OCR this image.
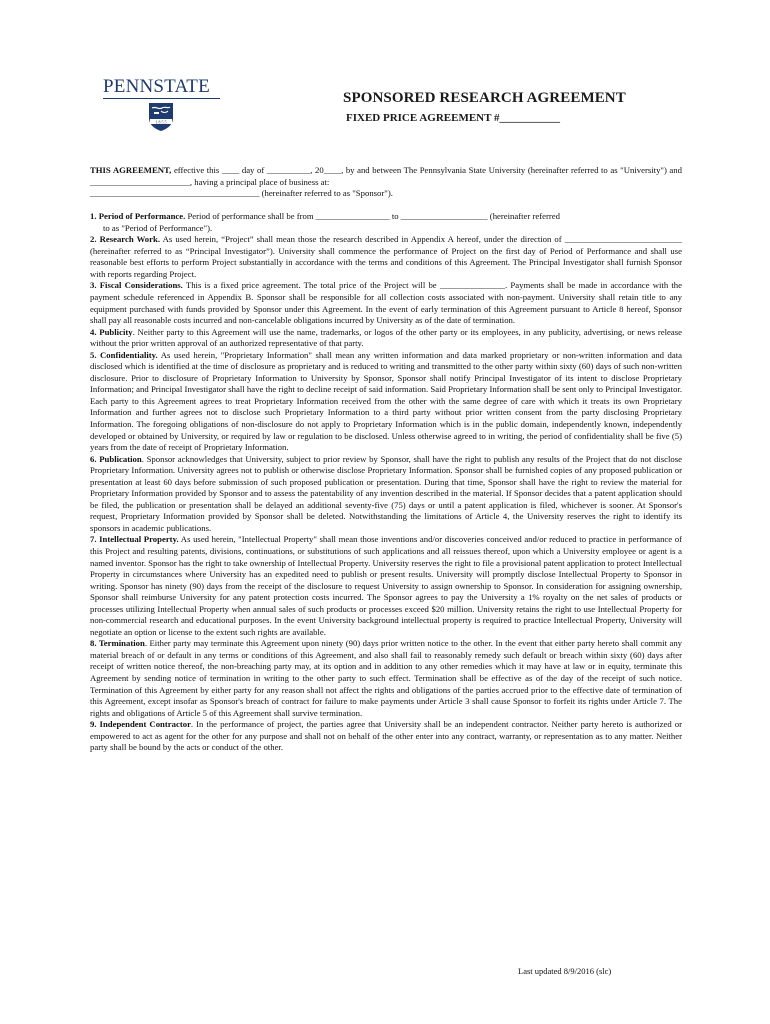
PENNSTATE
1 8 5 5
SPONSORED RESEARCH AGREEMENT
FIXED PRICE AGREEMENT #___________

THIS AGREEMENT, effective this ____ day of __________, 20____, by and between The Pennsylvania State University (hereinafter referred to as "University") and _______________________, having a principal place of business at:
_______________________________________ (hereinafter referred to as "Sponsor").

1. Period of Performance. Period of performance shall be from _________________ to ____________________ (hereinafter referred

to as "Period of Performance").

2. Research Work. As used herein, “Project” shall mean those the research described in Appendix A hereof, under the direction of ___________________________ (hereinafter referred to as “Principal Investigator”). University shall commence the performance of Project on the first day of Period of Performance and shall use reasonable best efforts to perform Project substantially in accordance with the terms and conditions of this Agreement. The Principal Investigator shall furnish Sponsor with reports regarding Project.

3. Fiscal Considerations. This is a fixed price agreement. The total price of the Project will be _______________. Payments shall be made in accordance with the payment schedule referenced in Appendix B. Sponsor shall be responsible for all collection costs associated with non-payment. University shall retain title to any equipment purchased with funds provided by Sponsor under this Agreement. In the event of early termination of this Agreement pursuant to Article 8 hereof, Sponsor shall pay all reasonable costs incurred and non-cancelable obligations incurred by University as of the date of termination.

4. Publicity. Neither party to this Agreement will use the name, trademarks, or logos of the other party or its employees, in any publicity, advertising, or news release without the prior written approval of an authorized representative of that party.

5. Confidentiality. As used herein, "Proprietary Information" shall mean any written information and data marked proprietary or non-written information and data disclosed which is identified at the time of disclosure as proprietary and is reduced to writing and transmitted to the other party within sixty (60) days of such non-written disclosure. Prior to disclosure of Proprietary Information to University by Sponsor, Sponsor shall notify Principal Investigator of its intent to disclose Proprietary Information; and Principal Investigator shall have the right to decline receipt of said information. Said Proprietary Information shall be sent only to Principal Investigator. Each party to this Agreement agrees to treat Proprietary Information received from the other with the same degree of care with which it treats its own Proprietary Information and further agrees not to disclose such Proprietary Information to a third party without prior written consent from the party disclosing Proprietary Information. The foregoing obligations of non-disclosure do not apply to Proprietary Information which is in the public domain, independently known, independently developed or obtained by University, or required by law or regulation to be disclosed. Unless otherwise agreed to in writing, the period of confidentiality shall be five (5) years from the date of receipt of Proprietary Information.

6. Publication. Sponsor acknowledges that University, subject to prior review by Sponsor, shall have the right to publish any results of the Project that do not disclose Proprietary Information. University agrees not to publish or otherwise disclose Proprietary Information. Sponsor shall be furnished copies of any proposed publication or presentation at least 60 days before submission of such proposed publication or presentation. During that time, Sponsor shall have the right to review the material for Proprietary Information provided by Sponsor and to assess the patentability of any invention described in the material. If Sponsor decides that a patent application should be filed, the publication or presentation shall be delayed an additional seventy-five (75) days or until a patent application is filed, whichever is sooner. At Sponsor's request, Proprietary Information provided by Sponsor shall be deleted. Notwithstanding the limitations of Article 4, the University reserves the right to identify its sponsors in academic publications.

7. Intellectual Property. As used herein, "Intellectual Property" shall mean those inventions and/or discoveries conceived and/or reduced to practice in performance of this Project and resulting patents, divisions, continuations, or substitutions of such applications and all reissues thereof, upon which a University employee or agent is a named inventor. Sponsor has the right to take ownership of Intellectual Property. University reserves the right to file a provisional patent application to protect Intellectual Property in circumstances where University has an expedited need to publish or present results. University will promptly disclose Intellectual Property to Sponsor in writing. Sponsor has ninety (90) days from the receipt of the disclosure to request University to assign ownership to Sponsor. In consideration for assigning ownership, Sponsor shall reimburse University for any patent protection costs incurred. The Sponsor agrees to pay the University a 1% royalty on the net sales of products or processes utilizing Intellectual Property when annual sales of such products or processes exceed $20 million. University retains the right to use Intellectual Property for non-commercial research and educational purposes. In the event University background intellectual property is required to practice Intellectual Property, University will negotiate an option or license to the extent such rights are available.

8. Termination. Either party may terminate this Agreement upon ninety (90) days prior written notice to the other. In the event that either party hereto shall commit any material breach of or default in any terms or conditions of this Agreement, and also shall fail to reasonably remedy such default or breach within sixty (60) days after receipt of written notice thereof, the non-breaching party may, at its option and in addition to any other remedies which it may have at law or in equity, terminate this Agreement by sending notice of termination in writing to the other party to such effect. Termination shall be effective as of the day of the receipt of such notice. Termination of this Agreement by either party for any reason shall not affect the rights and obligations of the parties accrued prior to the effective date of termination of this Agreement, except insofar as Sponsor's breach of contract for failure to make payments under Article 3 shall cause Sponsor to forfeit its rights under Article 7. The rights and obligations of Article 5 of this Agreement shall survive termination.

9. Independent Contractor. In the performance of project, the parties agree that University shall be an independent contractor. Neither party hereto is authorized or empowered to act as agent for the other for any purpose and shall not on behalf of the other enter into any contract, warranty, or representation as to any matter. Neither party shall be bound by the acts or conduct of the other.

Last updated 8/9/2016 (slc)
